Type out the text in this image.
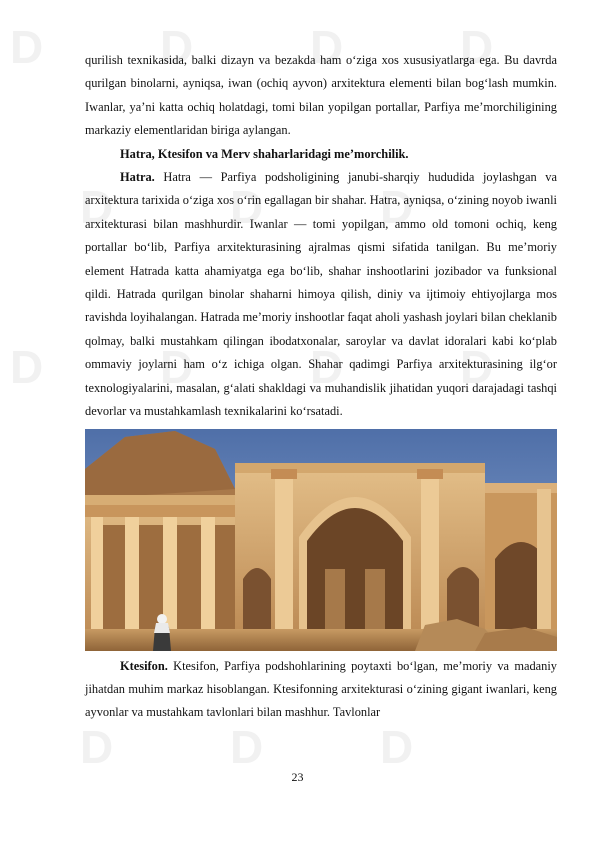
D D D D
D D D
D D D D
D D D

qurilish texnikasida, balki dizayn va bezakda ham o‘ziga xos xususiyatlarga ega. Bu davrda qurilgan binolarni, ayniqsa, iwan (ochiq ayvon) arxitektura elementi bilan bog‘lash mumkin. Iwanlar, ya’ni katta ochiq holatdagi, tomi bilan yopilgan portallar, Parfiya me’morchiligining markaziy elementlaridan biriga aylangan.

Hatra, Ktesifon va Merv shaharlaridagi me’morchilik.

Hatra. Hatra — Parfiya podsholigining janubi-sharqiy hududida joylashgan va arxitektura tarixida o‘ziga xos o‘rin egallagan bir shahar. Hatra, ayniqsa, o‘zining noyob iwanli arxitekturasi bilan mashhurdir. Iwanlar — tomi yopilgan, ammo old tomoni ochiq, keng portallar bo‘lib, Parfiya arxitekturasining ajralmas qismi sifatida tanilgan. Bu me’moriy element Hatrada katta ahamiyatga ega bo‘lib, shahar inshootlarini jozibador va funksional qildi. Hatrada qurilgan binolar shaharni himoya qilish, diniy va ijtimoiy ehtiyojlarga mos ravishda loyihalangan. Hatrada me’moriy inshootlar faqat aholi yashash joylari bilan cheklanib qolmay, balki mustahkam qilingan ibodatxonalar, saroylar va davlat idoralari kabi ko‘plab ommaviy joylarni ham o‘z ichiga olgan. Shahar qadimgi Parfiya arxitekturasining ilg‘or texnologiyalarini, masalan, g‘alati shakldagi va muhandislik jihatidan yuqori darajadagi tashqi devorlar va mustahkamlash texnikalarini ko‘rsatadi.

Ktesifon. Ktesifon, Parfiya podshohlarining poytaxti bo‘lgan, me’moriy va madaniy jihatdan muhim markaz hisoblangan. Ktesifonning arxitekturasi o‘zining gigant iwanlari, keng ayvonlar va mustahkam tavlonlari bilan mashhur. Tavlonlar

23
